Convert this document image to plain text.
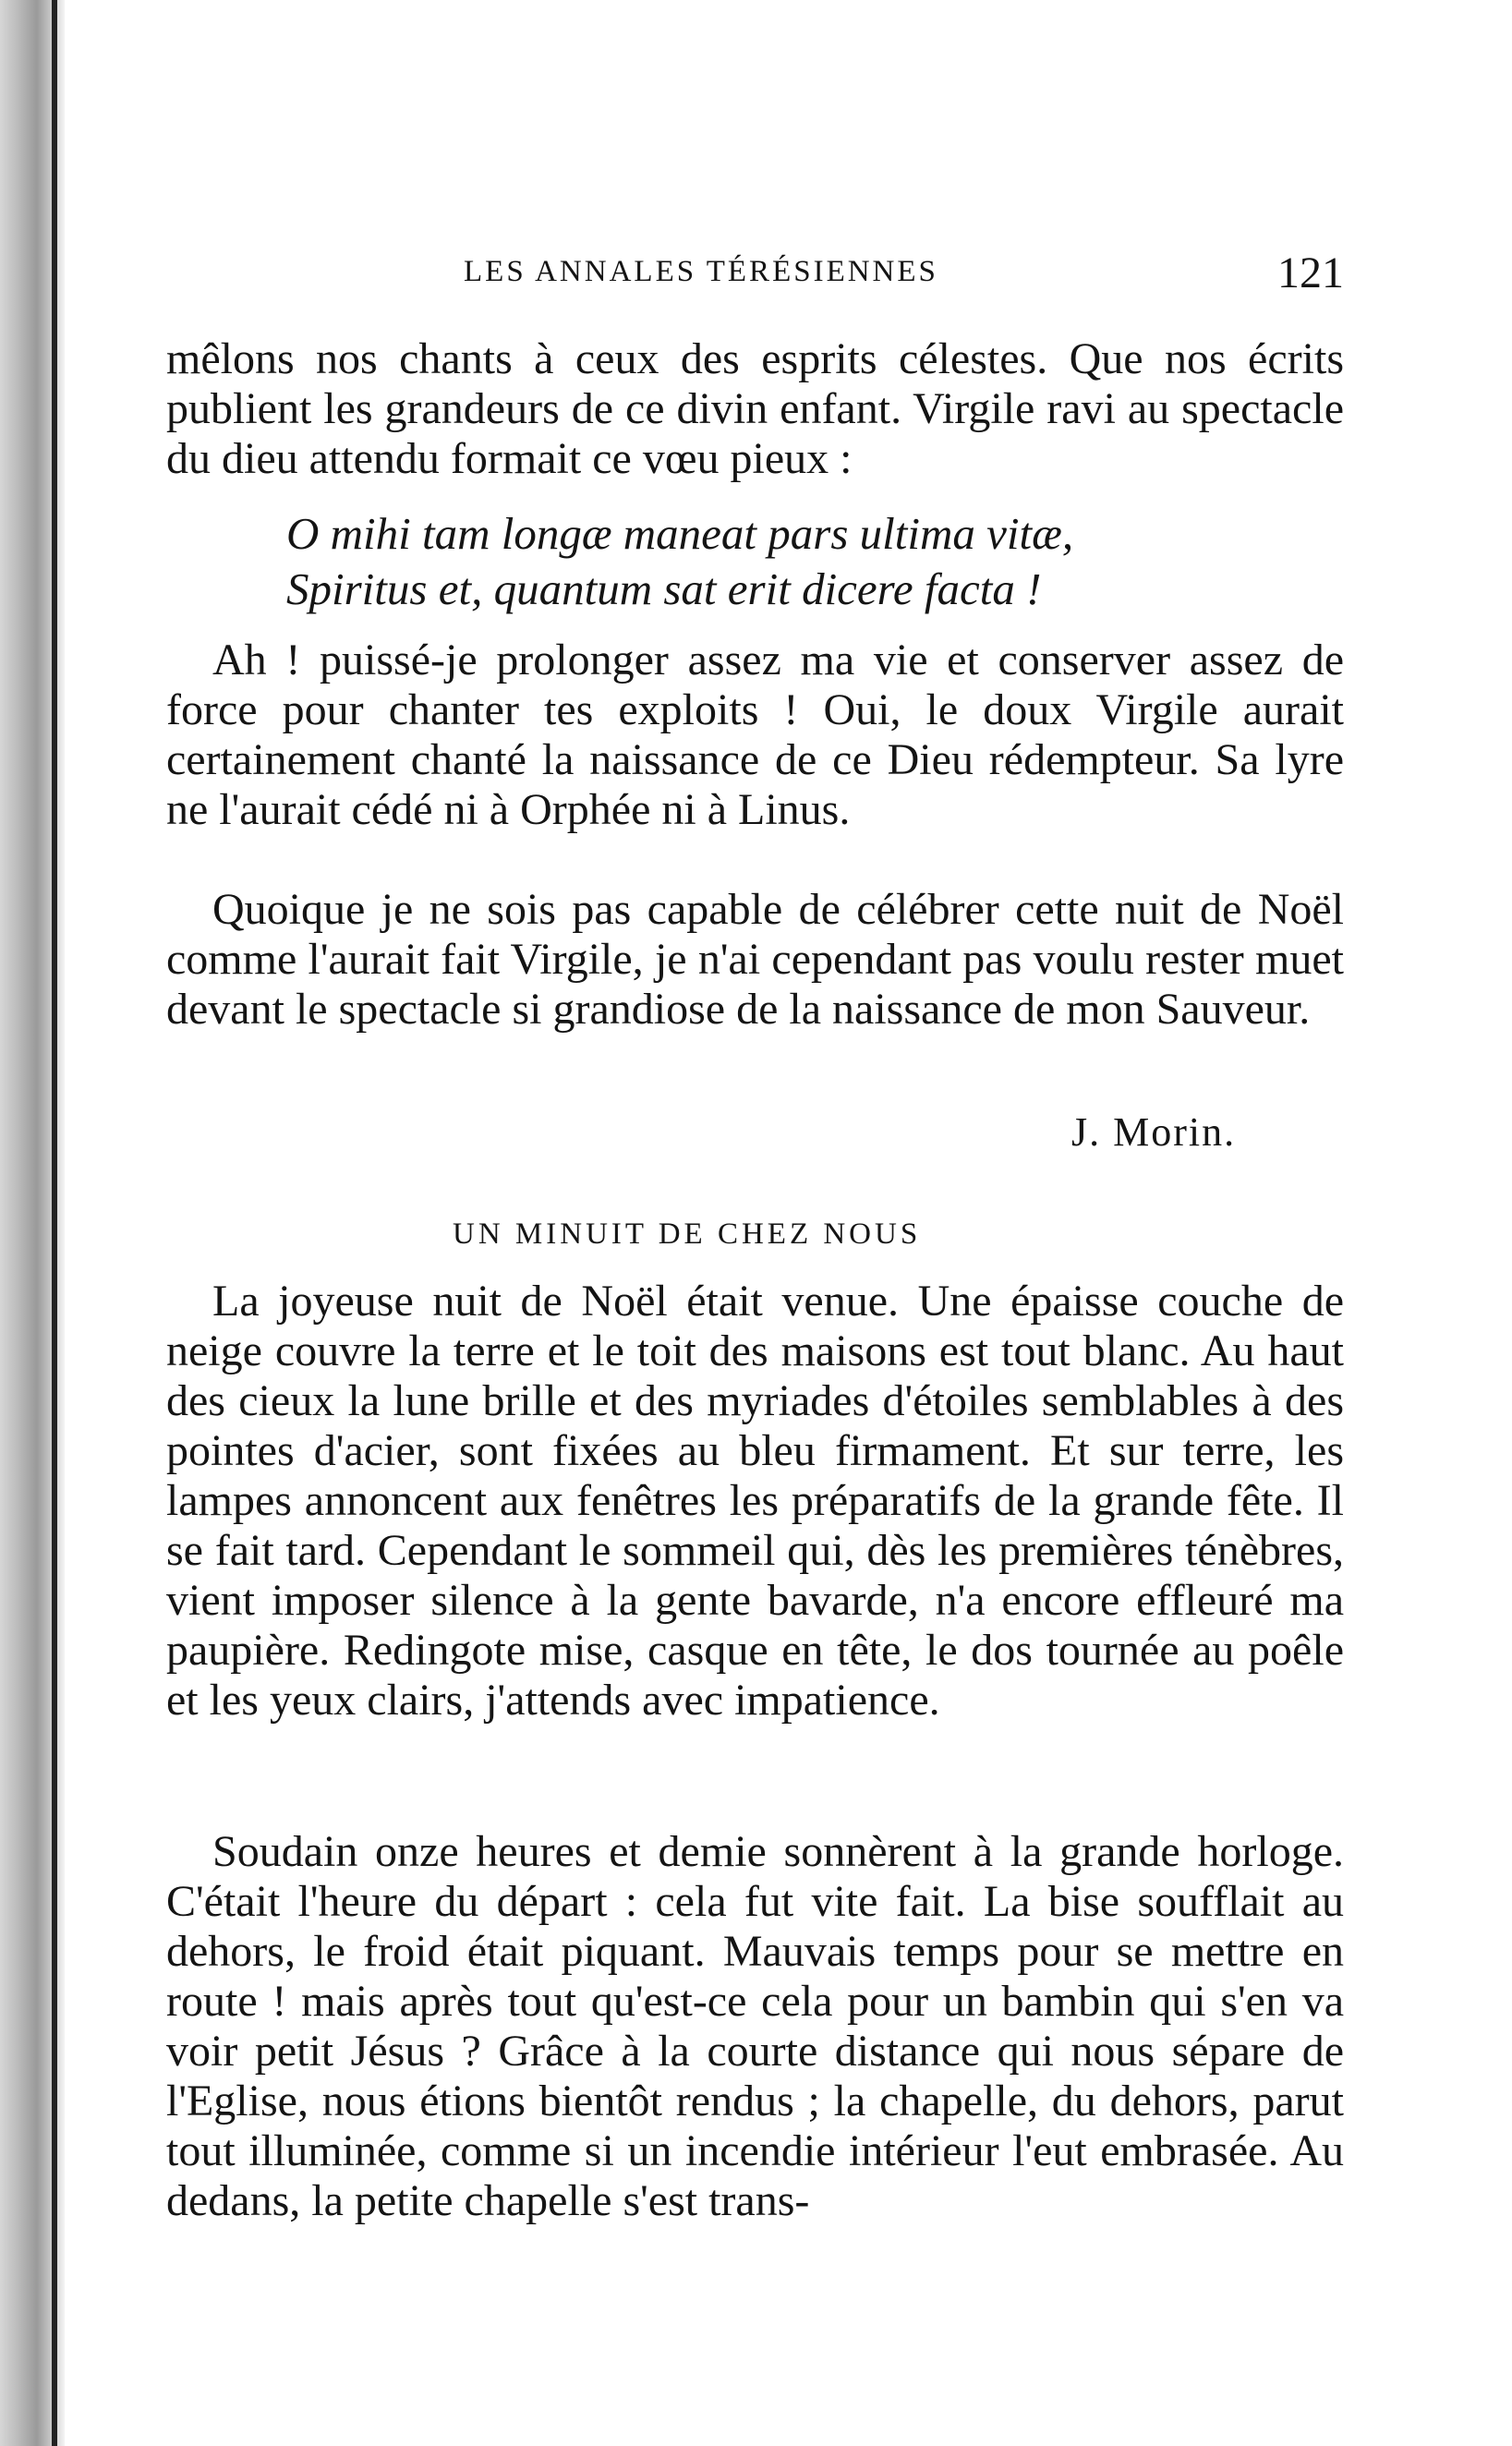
LES ANNALES TÉRÉSIENNES	121

mêlons nos chants à ceux des esprits célestes. Que nos écrits publient les grandeurs de ce divin enfant. Virgile ravi au spectacle du dieu attendu formait ce vœu pieux :

O mihi tam longæ maneat pars ultima vitæ,
Spiritus et, quantum sat erit dicere facta !

Ah ! puissé-je prolonger assez ma vie et conserver assez de force pour chanter tes exploits ! Oui, le doux Virgile aurait certainement chanté la naissance de ce Dieu rédempteur. Sa lyre ne l'aurait cédé ni à Orphée ni à Linus.

Quoique je ne sois pas capable de célébrer cette nuit de Noël comme l'aurait fait Virgile, je n'ai cependant pas voulu rester muet devant le spectacle si grandiose de la naissance de mon Sauveur.

J. Morin.
UN MINUIT DE CHEZ NOUS

La joyeuse nuit de Noël était venue. Une épaisse couche de neige couvre la terre et le toit des maisons est tout blanc. Au haut des cieux la lune brille et des myriades d'étoiles semblables à des pointes d'acier, sont fixées au bleu firmament. Et sur terre, les lampes annoncent aux fenêtres les préparatifs de la grande fête. Il se fait tard. Cependant le sommeil qui, dès les premières ténèbres, vient imposer silence à la gente bavarde, n'a encore effleuré ma paupière. Redingote mise, casque en tête, le dos tournée au poêle et les yeux clairs, j'attends avec impatience.

Soudain onze heures et demie sonnèrent à la grande horloge. C'était l'heure du départ : cela fut vite fait. La bise soufflait au dehors, le froid était piquant. Mauvais temps pour se mettre en route ! mais après tout qu'est-ce cela pour un bambin qui s'en va voir petit Jésus ? Grâce à la courte distance qui nous sépare de l'Eglise, nous étions bientôt rendus ; la chapelle, du dehors, parut tout illuminée, comme si un incendie intérieur l'eut embrasée. Au dedans, la petite chapelle s'est trans-
